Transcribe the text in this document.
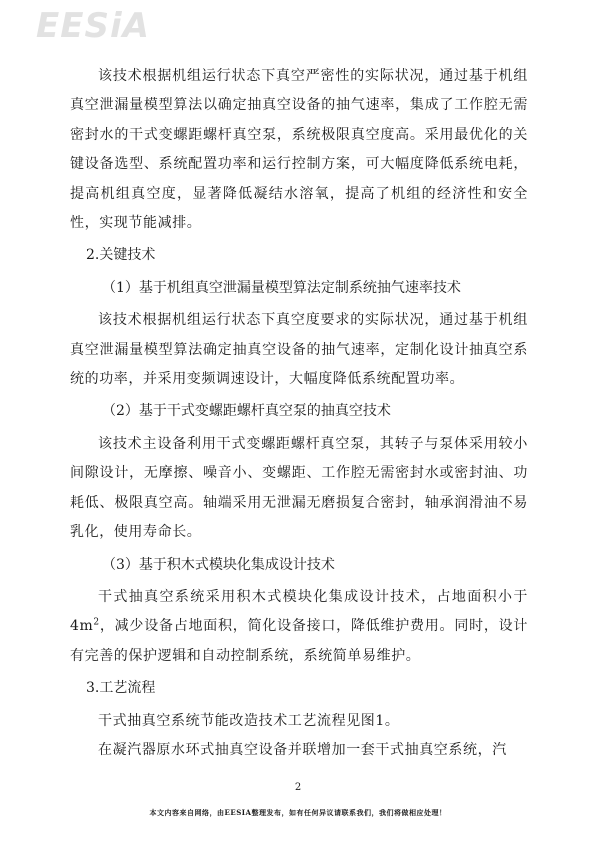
EESiA

该技术根据机组运行状态下真空严密性的实际状况，通过基于机组真空泄漏量模型算法以确定抽真空设备的抽气速率，集成了工作腔无需密封水的干式变螺距螺杆真空泵，系统极限真空度高。采用最优化的关键设备选型、系统配置功率和运行控制方案，可大幅度降低系统电耗，提高机组真空度，显著降低凝结水溶氧，提高了机组的经济性和安全性，实现节能减排。

2.关键技术

（1）基于机组真空泄漏量模型算法定制系统抽气速率技术

该技术根据机组运行状态下真空度要求的实际状况，通过基于机组真空泄漏量模型算法确定抽真空设备的抽气速率，定制化设计抽真空系统的功率，并采用变频调速设计，大幅度降低系统配置功率。

（2）基于干式变螺距螺杆真空泵的抽真空技术

该技术主设备利用干式变螺距螺杆真空泵，其转子与泵体采用较小间隙设计，无摩擦、噪音小、变螺距、工作腔无需密封水或密封油、功耗低、极限真空高。轴端采用无泄漏无磨损复合密封，轴承润滑油不易乳化，使用寿命长。

（3）基于积木式模块化集成设计技术

干式抽真空系统采用积木式模块化集成设计技术，占地面积小于$4m^2$，减少设备占地面积，简化设备接口，降低维护费用。同时，设计有完善的保护逻辑和自动控制系统，系统简单易维护。

3.工艺流程

干式抽真空系统节能改造技术工艺流程见图1。

在凝汽器原水环式抽真空设备并联增加一套干式抽真空系统，汽

2
本文内容来自网络，由EESIA整理发布，如有任何异议请联系我们，我们将做相应处理！
